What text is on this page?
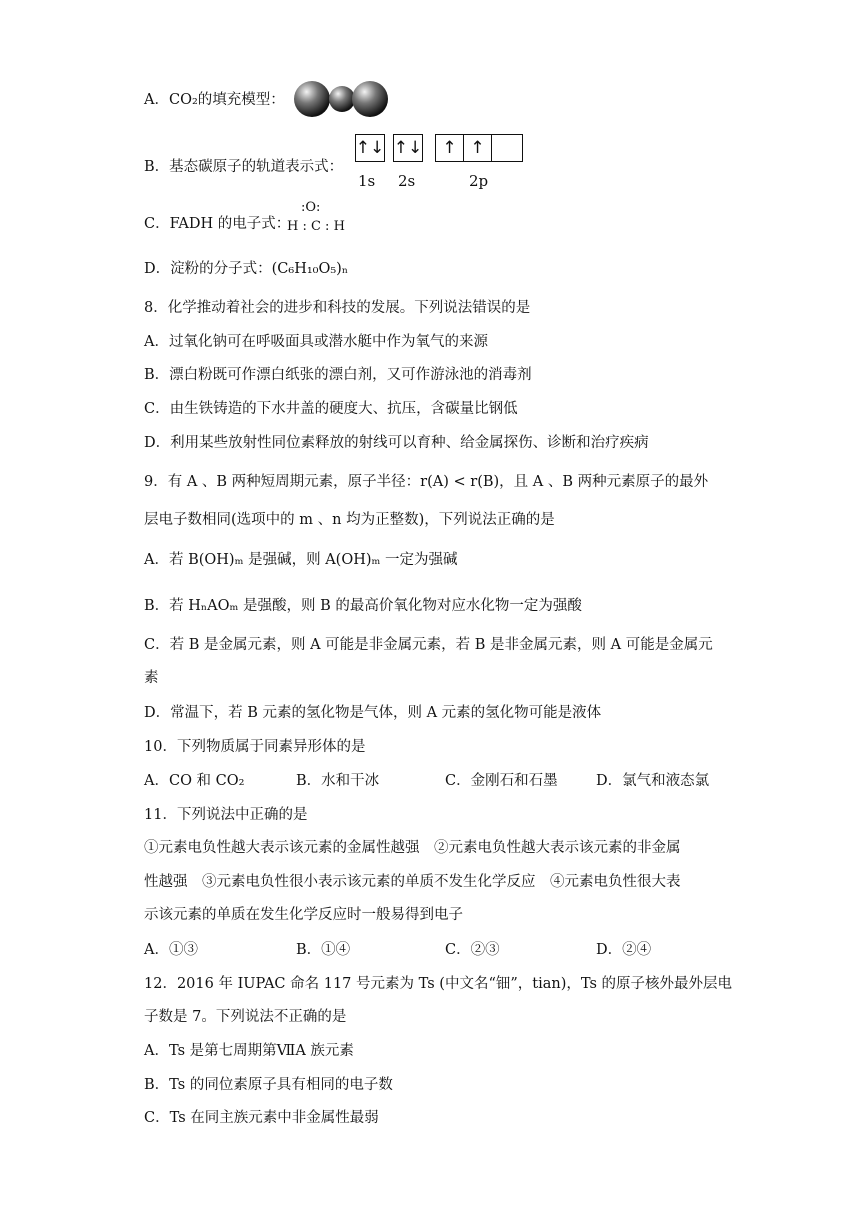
A．CO₂的填充模型：
B．基态碳原子的轨道表示式：
↑↓ ↑↓	↑ ↑
1s 2s	2p
C．FADH 的电子式：
:O:
H : C : H
D．淀粉的分子式：(C₆H₁₀O₅)ₙ
8．化学推动着社会的进步和科技的发展。下列说法错误的是
A．过氧化钠可在呼吸面具或潜水艇中作为氧气的来源
B．漂白粉既可作漂白纸张的漂白剂，又可作游泳池的消毒剂
C．由生铁铸造的下水井盖的硬度大、抗压，含碳量比钢低
D．利用某些放射性同位素释放的射线可以育种、给金属探伤、诊断和治疗疾病
9．有 A 、B 两种短周期元素，原子半径：r(A) < r(B)，且 A 、B 两种元素原子的最外
层电子数相同(选项中的 m 、n 均为正整数)，下列说法正确的是
A．若 B(OH)ₘ 是强碱，则 A(OH)ₘ 一定为强碱
B．若 HₙAOₘ 是强酸，则 B 的最高价氧化物对应水化物一定为强酸
C．若 B 是金属元素，则 A 可能是非金属元素，若 B 是非金属元素，则 A 可能是金属元
素
D．常温下，若 B 元素的氢化物是气体，则 A 元素的氢化物可能是液体
10．下列物质属于同素异形体的是
A．CO 和 CO₂	B．水和干冰	C．金刚石和石墨	D．氯气和液态氯
11．下列说法中正确的是
①元素电负性越大表示该元素的金属性越强　②元素电负性越大表示该元素的非金属
性越强　③元素电负性很小表示该元素的单质不发生化学反应　④元素电负性很大表
示该元素的单质在发生化学反应时一般易得到电子
A．①③	B．①④	C．②③	D．②④
12．2016 年 IUPAC 命名 117 号元素为 Ts (中文名“钿”，tian)，Ts 的原子核外最外层电
子数是 7。下列说法不正确的是
A．Ts 是第七周期第ⅦA 族元素
B．Ts 的同位素原子具有相同的电子数
C．Ts 在同主族元素中非金属性最弱
